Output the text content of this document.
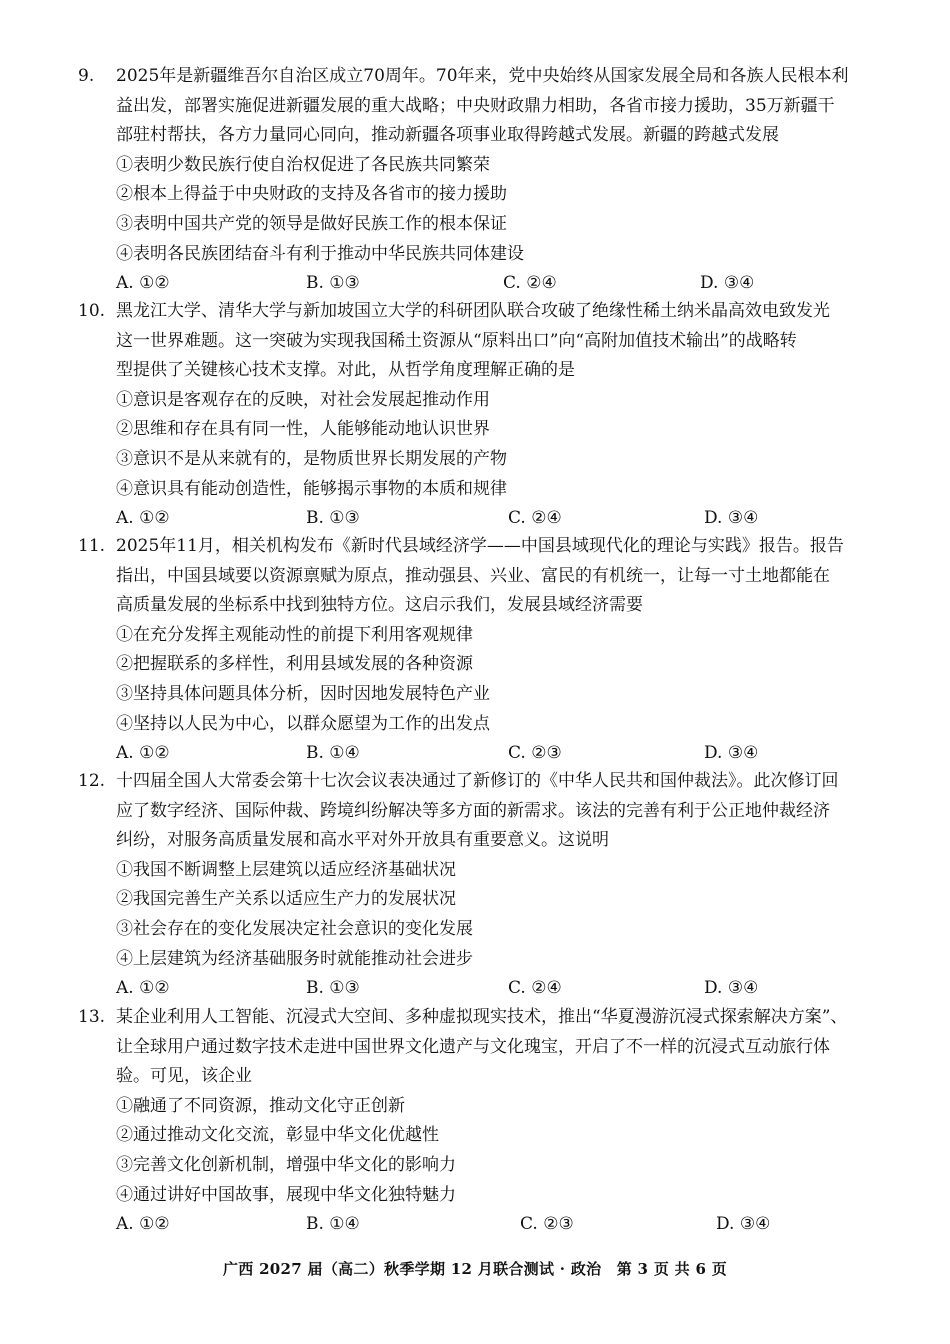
9.	2025年是新疆维吾尔自治区成立70周年。70年来，党中央始终从国家发展全局和各族人民根本利
益出发，部署实施促进新疆发展的重大战略；中央财政鼎力相助，各省市接力援助，35万新疆干
部驻村帮扶，各方力量同心同向，推动新疆各项事业取得跨越式发展。新疆的跨越式发展
①表明少数民族行使自治权促进了各民族共同繁荣
②根本上得益于中央财政的支持及各省市的接力援助
③表明中国共产党的领导是做好民族工作的根本保证
④表明各民族团结奋斗有利于推动中华民族共同体建设
A. ①②	B. ①③	C. ②④	D. ③④
10. 黑龙江大学、清华大学与新加坡国立大学的科研团队联合攻破了绝缘性稀土纳米晶高效电致发光
这一世界难题。这一突破为实现我国稀土资源从“原料出口”向“高附加值技术输出”的战略转
型提供了关键核心技术支撑。对此，从哲学角度理解正确的是
①意识是客观存在的反映，对社会发展起推动作用
②思维和存在具有同一性，人能够能动地认识世界
③意识不是从来就有的，是物质世界长期发展的产物
④意识具有能动创造性，能够揭示事物的本质和规律
A. ①②	B. ①③	C. ②④	D. ③④
11. 2025年11月，相关机构发布《新时代县域经济学——中国县域现代化的理论与实践》报告。报告
指出，中国县域要以资源禀赋为原点，推动强县、兴业、富民的有机统一，让每一寸土地都能在
高质量发展的坐标系中找到独特方位。这启示我们，发展县域经济需要
①在充分发挥主观能动性的前提下利用客观规律
②把握联系的多样性，利用县域发展的各种资源
③坚持具体问题具体分析，因时因地发展特色产业
④坚持以人民为中心，以群众愿望为工作的出发点
A. ①②	B. ①④	C. ②③	D. ③④
12. 十四届全国人大常委会第十七次会议表决通过了新修订的《中华人民共和国仲裁法》。此次修订回
应了数字经济、国际仲裁、跨境纠纷解决等多方面的新需求。该法的完善有利于公正地仲裁经济
纠纷，对服务高质量发展和高水平对外开放具有重要意义。这说明
①我国不断调整上层建筑以适应经济基础状况
②我国完善生产关系以适应生产力的发展状况
③社会存在的变化发展决定社会意识的变化发展
④上层建筑为经济基础服务时就能推动社会进步
A. ①②	B. ①③	C. ②④	D. ③④
13. 某企业利用人工智能、沉浸式大空间、多种虚拟现实技术，推出“华夏漫游沉浸式探索解决方案”、
让全球用户通过数字技术走进中国世界文化遗产与文化瑰宝，开启了不一样的沉浸式互动旅行体
验。可见，该企业
①融通了不同资源，推动文化守正创新
②通过推动文化交流，彰显中华文化优越性
③完善文化创新机制，增强中华文化的影响力
④通过讲好中国故事，展现中华文化独特魅力
A. ①②	B. ①④	C. ②③	D. ③④
广西 2027 届（高二）秋季学期 12 月联合测试 · 政治　第 3 页 共 6 页
